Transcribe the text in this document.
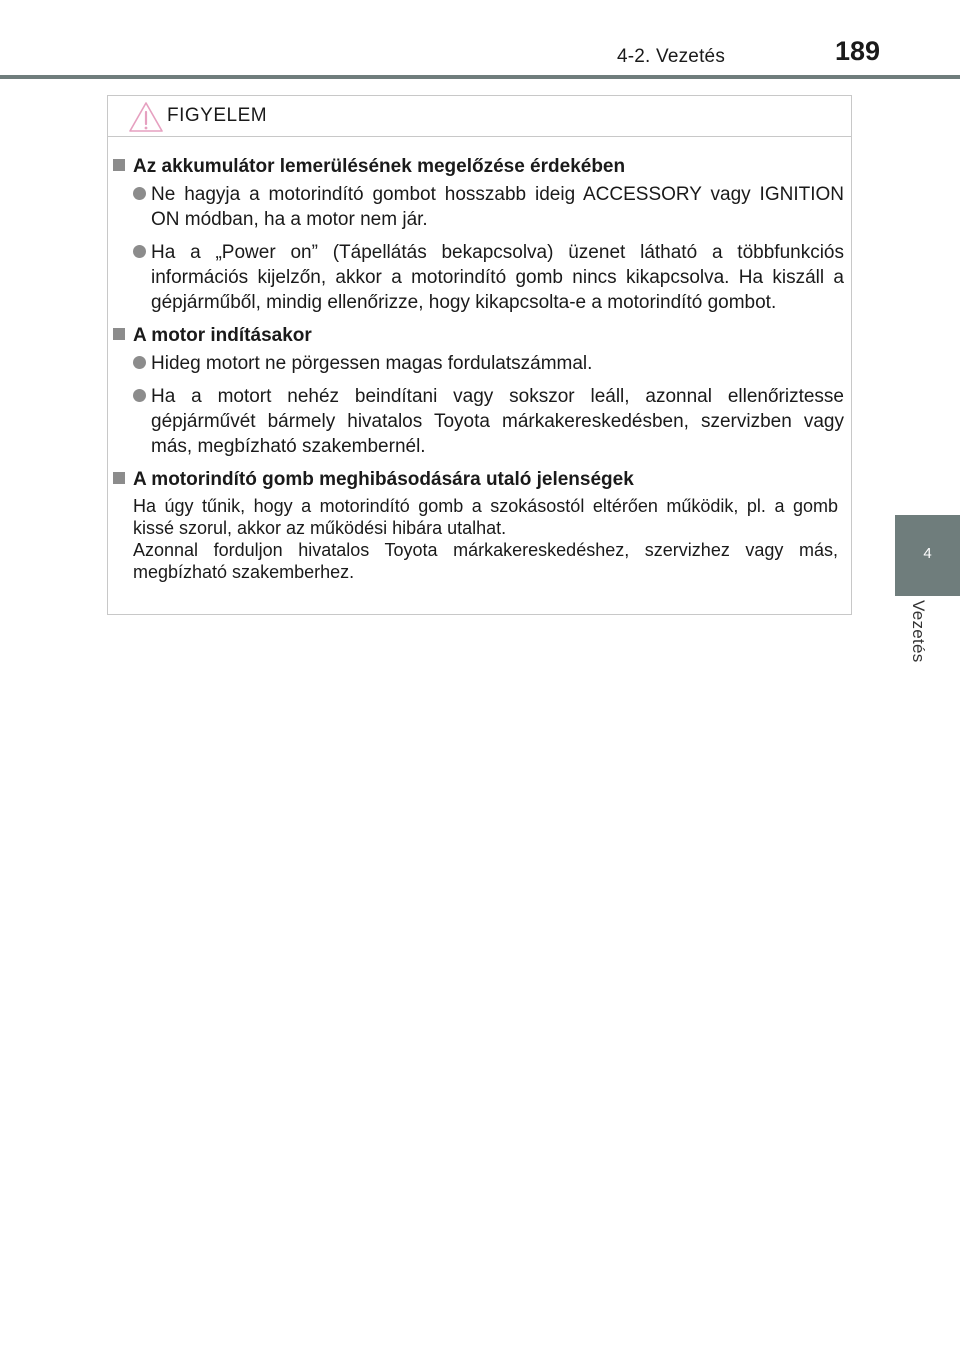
4-2. Vezetés	189
4
Vezetés
FIGYELEM
Az akkumulátor lemerülésének megelőzése érdekében
Ne hagyja a motorindító gombot hosszabb ideig ACCESSORY vagy IGNITION ON módban, ha a motor nem jár.
Ha a „Power on” (Tápellátás bekapcsolva) üzenet látható a többfunkciós információs kijelzőn, akkor a motorindító gomb nincs kikapcsolva. Ha kiszáll a gépjárműből, mindig ellenőrizze, hogy kikapcsolta-e a motorindító gombot.
A motor indításakor
Hideg motort ne pörgessen magas fordulatszámmal.
Ha a motort nehéz beindítani vagy sokszor leáll, azonnal ellenőriztesse gépjárművét bármely hivatalos Toyota márkakereskedésben, szervizben vagy más, megbízható szakembernél.
A motorindító gomb meghibásodására utaló jelenségek
Ha úgy tűnik, hogy a motorindító gomb a szokásostól eltérően működik, pl. a gomb kissé szorul, akkor az működési hibára utalhat.
Azonnal forduljon hivatalos Toyota márkakereskedéshez, szervizhez vagy más, megbízható szakemberhez.
